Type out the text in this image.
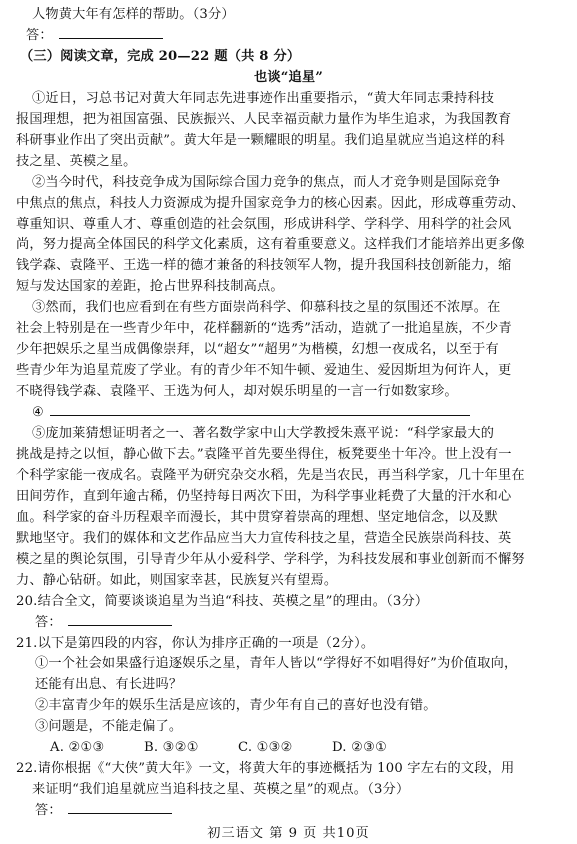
人物黄大年有怎样的帮助。（3分）
答：
（三）阅读文章，完成 20—22 题（共 8 分）
也谈“追星”
①近日，习总书记对黄大年同志先进事迹作出重要指示，“黄大年同志秉持科技
报国理想，把为祖国富强、民族振兴、人民幸福贡献力量作为毕生追求，为我国教育
科研事业作出了突出贡献”。黄大年是一颗耀眼的明星。我们追星就应当追这样的科
技之星、英模之星。
②当今时代，科技竞争成为国际综合国力竞争的焦点，而人才竞争则是国际竞争
中焦点的焦点，科技人力资源成为提升国家竞争力的核心因素。因此，形成尊重劳动、
尊重知识、尊重人才、尊重创造的社会氛围，形成讲科学、学科学、用科学的社会风
尚，努力提高全体国民的科学文化素质，这有着重要意义。这样我们才能培养出更多像
钱学森、袁隆平、王选一样的德才兼备的科技领军人物，提升我国科技创新能力，缩
短与发达国家的差距，抢占世界科技制高点。
③然而，我们也应看到在有些方面崇尚科学、仰慕科技之星的氛围还不浓厚。在
社会上特别是在一些青少年中，花样翻新的“选秀”活动，造就了一批追星族，不少青
少年把娱乐之星当成偶像崇拜，以“超女”“超男”为楷模，幻想一夜成名，以至于有
些青少年为追星荒废了学业。有的青少年不知牛顿、爱迪生、爱因斯坦为何许人，更
不晓得钱学森、袁隆平、王选为何人，却对娱乐明星的一言一行如数家珍。
④
⑤庞加莱猜想证明者之一、著名数学家中山大学教授朱熹平说：“科学家最大的
挑战是持之以恒，静心做下去。”袁隆平首先要坐得住，板凳要坐十年冷。世上没有一
个科学家能一夜成名。袁隆平为研究杂交水稻，先是当农民，再当科学家，几十年里在
田间劳作，直到年逾古稀，仍坚持每日两次下田，为科学事业耗费了大量的汗水和心
血。科学家的奋斗历程艰辛而漫长，其中贯穿着崇高的理想、坚定地信念，以及默
默地坚守。我们的媒体和文艺作品应当大力宣传科技之星，营造全民族崇尚科技、英
模之星的舆论氛围，引导青少年从小爱科学、学科学，为科技发展和事业创新而不懈努
力、静心钻研。如此，则国家幸甚，民族复兴有望焉。
20.结合全文，简要谈谈追星为当追“科技、英模之星”的理由。（3分）
答：
21.以下是第四段的内容，你认为排序正确的一项是（2分）。
①一个社会如果盛行追逐娱乐之星，青年人皆以“学得好不如唱得好”为价值取向，
还能有出息、有长进吗？
②丰富青少年的娱乐生活是应该的，青少年有自己的喜好也没有错。
③问题是，不能走偏了。
A. ②①③	B. ③②①	C. ①③②	D. ②③①
22.请你根据《“大侠”黄大年》一文，将黄大年的事迹概括为 100 字左右的文段，用
来证明“我们追星就应当追科技之星、英模之星”的观点。（3分）
答：
初三语文 第 9 页 共10页
